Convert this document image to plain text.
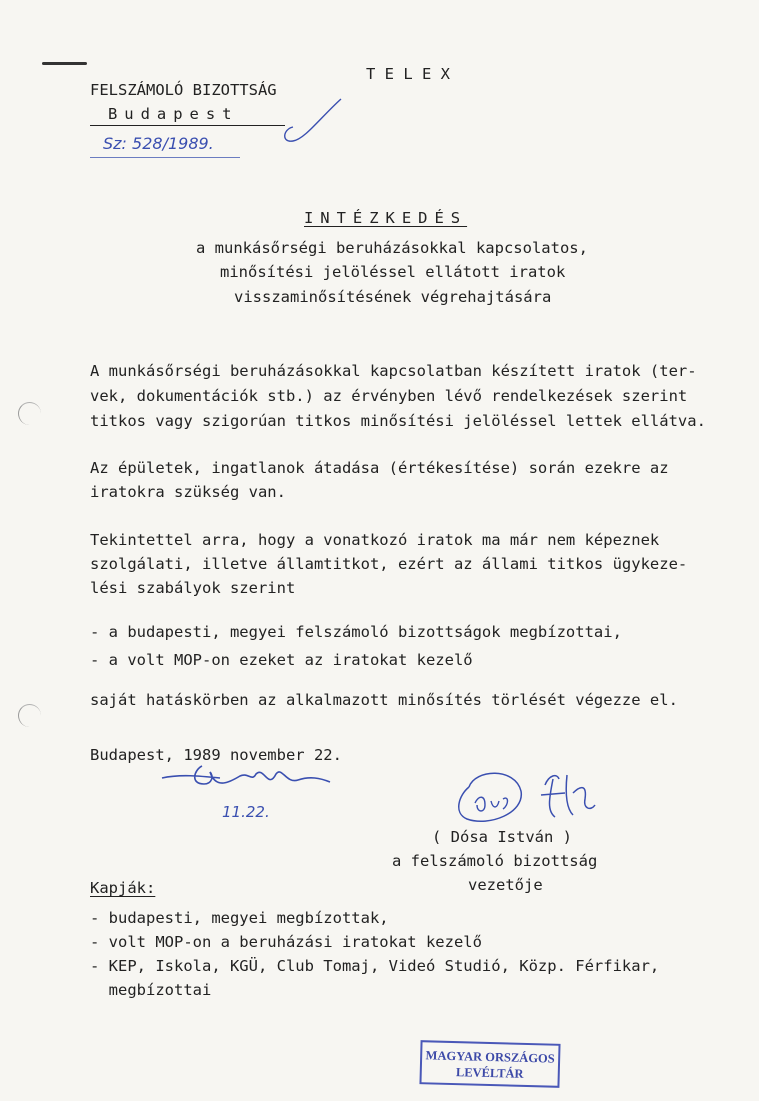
T E L E X
FELSZÁMOLÓ BIZOTTSÁG
Budapest
Sz: 528/1989.
INTÉZKEDÉS
a munkásőrségi beruházásokkal kapcsolatos,
minősítési jelöléssel ellátott iratok
visszaminősítésének végrehajtására
A munkásőrségi beruházásokkal kapcsolatban készített iratok (ter-
vek, dokumentációk stb.) az érvényben lévő rendelkezések szerint
titkos vagy szigorúan titkos minősítési jelöléssel lettek ellátva.
Az épületek, ingatlanok átadása (értékesítése) során ezekre az
iratokra szükség van.
Tekintettel arra, hogy a vonatkozó iratok ma már nem képeznek
szolgálati, illetve államtitkot, ezért az állami titkos ügykeze-
lési szabályok szerint
- a budapesti, megyei felszámoló bizottságok megbízottai,
- a volt MOP-on ezeket az iratokat kezelő
saját hatáskörben az alkalmazott minősítés törlését végezze el.
Budapest, 1989 november 22.
11.22.
( Dósa István )
a felszámoló bizottság
vezetője
Kapják:
- budapesti, megyei megbízottak,
- volt MOP-on a beruházási iratokat kezelő
- KEP, Iskola, KGÜ, Club Tomaj, Videó Studió, Közp. Férfikar,
megbízottai
MAGYAR ORSZÁGOS
LEVÉLTÁR
